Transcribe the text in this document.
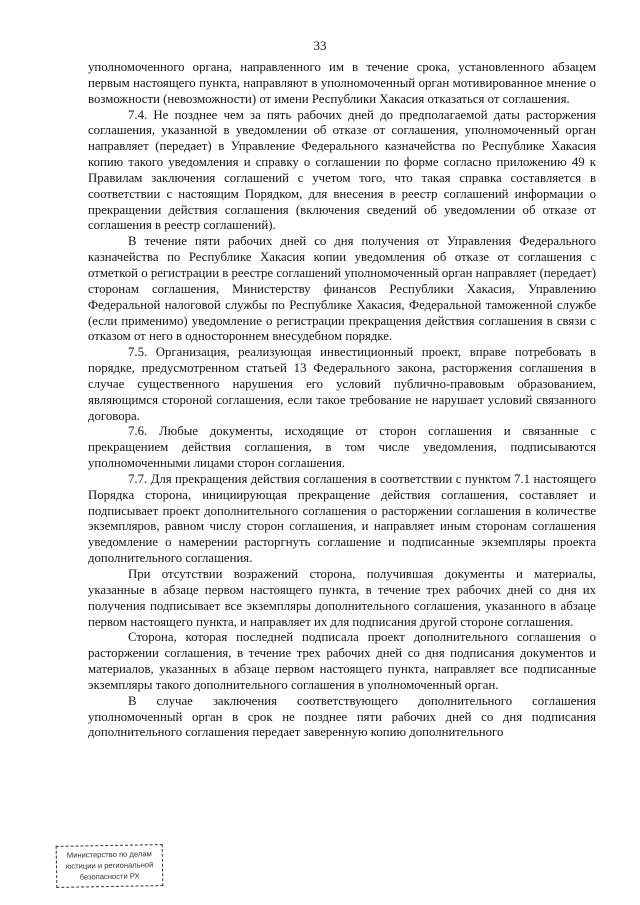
33

уполномоченного органа, направленного им в течение срока, установленного абзацем первым настоящего пункта, направляют в уполномоченный орган мотивированное мнение о возможности (невозможности) от имени Республики Хакасия отказаться от соглашения.

7.4. Не позднее чем за пять рабочих дней до предполагаемой даты расторжения соглашения, указанной в уведомлении об отказе от соглашения, уполномоченный орган направляет (передает) в Управление Федерального казначейства по Республике Хакасия копию такого уведомления и справку о соглашении по форме согласно приложению 49 к Правилам заключения соглашений с учетом того, что такая справка составляется в соответствии с настоящим Порядком, для внесения в реестр соглашений информации о прекращении действия соглашения (включения сведений об уведомлении об отказе от соглашения в реестр соглашений).

В течение пяти рабочих дней со дня получения от Управления Федерального казначейства по Республике Хакасия копии уведомления об отказе от соглашения с отметкой о регистрации в реестре соглашений уполномоченный орган направляет (передает) сторонам соглашения, Министерству финансов Республики Хакасия, Управлению Федеральной налоговой службы по Республике Хакасия, Федеральной таможенной службе (если применимо) уведомление о регистрации прекращения действия соглашения в связи с отказом от него в одностороннем внесудебном порядке.

7.5. Организация, реализующая инвестиционный проект, вправе потребовать в порядке, предусмотренном статьей 13 Федерального закона, расторжения соглашения в случае существенного нарушения его условий публично-правовым образованием, являющимся стороной соглашения, если такое требование не нарушает условий связанного договора.

7.6. Любые документы, исходящие от сторон соглашения и связанные с прекращением действия соглашения, в том числе уведомления, подписываются уполномоченными лицами сторон соглашения.

7.7. Для прекращения действия соглашения в соответствии с пунктом 7.1 настоящего Порядка сторона, инициирующая прекращение действия соглашения, составляет и подписывает проект дополнительного соглашения о расторжении соглашения в количестве экземпляров, равном числу сторон соглашения, и направляет иным сторонам соглашения уведомление о намерении расторгнуть соглашение и подписанные экземпляры проекта дополнительного соглашения.

При отсутствии возражений сторона, получившая документы и материалы, указанные в абзаце первом настоящего пункта, в течение трех рабочих дней со дня их получения подписывает все экземпляры дополнительного соглашения, указанного в абзаце первом настоящего пункта, и направляет их для подписания другой стороне соглашения.

Сторона, которая последней подписала проект дополнительного соглашения о расторжении соглашения, в течение трех рабочих дней со дня подписания документов и материалов, указанных в абзаце первом настоящего пункта, направляет все подписанные экземпляры такого дополнительного соглашения в уполномоченный орган.

В случае заключения соответствующего дополнительного соглашения уполномоченный орган в срок не позднее пяти рабочих дней со дня подписания дополнительного соглашения передает заверенную копию дополнительного

Министерство по делам
юстиции и региональной
безопасности РХ
